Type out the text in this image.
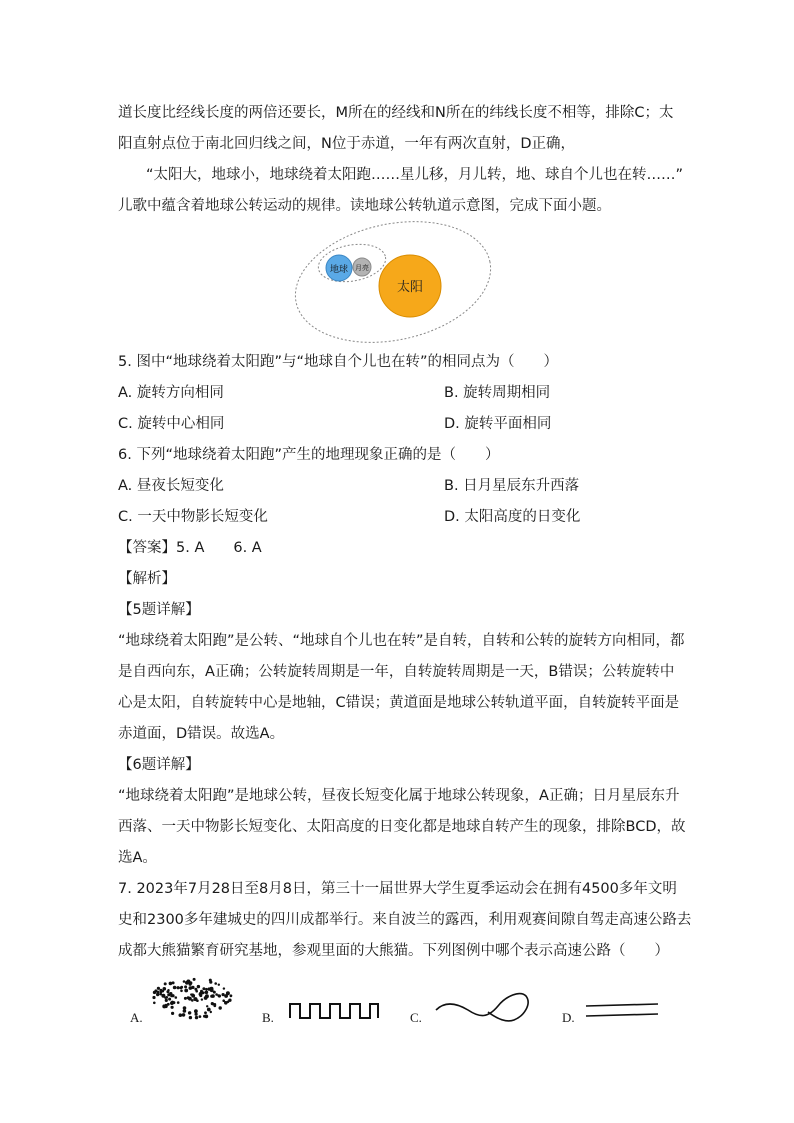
道长度比经线长度的两倍还要长，M所在的经线和N所在的纬线长度不相等，排除C；太
阳直射点位于南北回归线之间，N位于赤道，一年有两次直射，D正确，
“太阳大，地球小，地球绕着太阳跑……星儿移，月儿转，地、球自个儿也在转……”
儿歌中蕴含着地球公转运动的规律。读地球公转轨道示意图，完成下面小题。
太阳
地球 月亮
5. 图中“地球绕着太阳跑”与“地球自个儿也在转”的相同点为（　　）
A. 旋转方向相同	B. 旋转周期相同
C. 旋转中心相同	D. 旋转平面相同
6. 下列“地球绕着太阳跑”产生的地理现象正确的是（　　）
A. 昼夜长短变化	B. 日月星辰东升西落
C. 一天中物影长短变化	D. 太阳高度的日变化
【答案】5. A　　6. A
【解析】
【5题详解】
“地球绕着太阳跑”是公转、“地球自个儿也在转”是自转，自转和公转的旋转方向相同，都
是自西向东，A正确；公转旋转周期是一年，自转旋转周期是一天，B错误；公转旋转中
心是太阳，自转旋转中心是地轴，C错误；黄道面是地球公转轨道平面，自转旋转平面是
赤道面，D错误。故选A。
【6题详解】
“地球绕着太阳跑”是地球公转，昼夜长短变化属于地球公转现象，A正确；日月星辰东升
西落、一天中物影长短变化、太阳高度的日变化都是地球自转产生的现象，排除BCD，故
选A。
7. 2023年7月28日至8月8日，第三十一届世界大学生夏季运动会在拥有4500多年文明
史和2300多年建城史的四川成都举行。来自波兰的露西，利用观赛间隙自驾走高速公路去
成都大熊猫繁育研究基地，参观里面的大熊猫。下列图例中哪个表示高速公路（　　）
A.	B.	C.	D.
